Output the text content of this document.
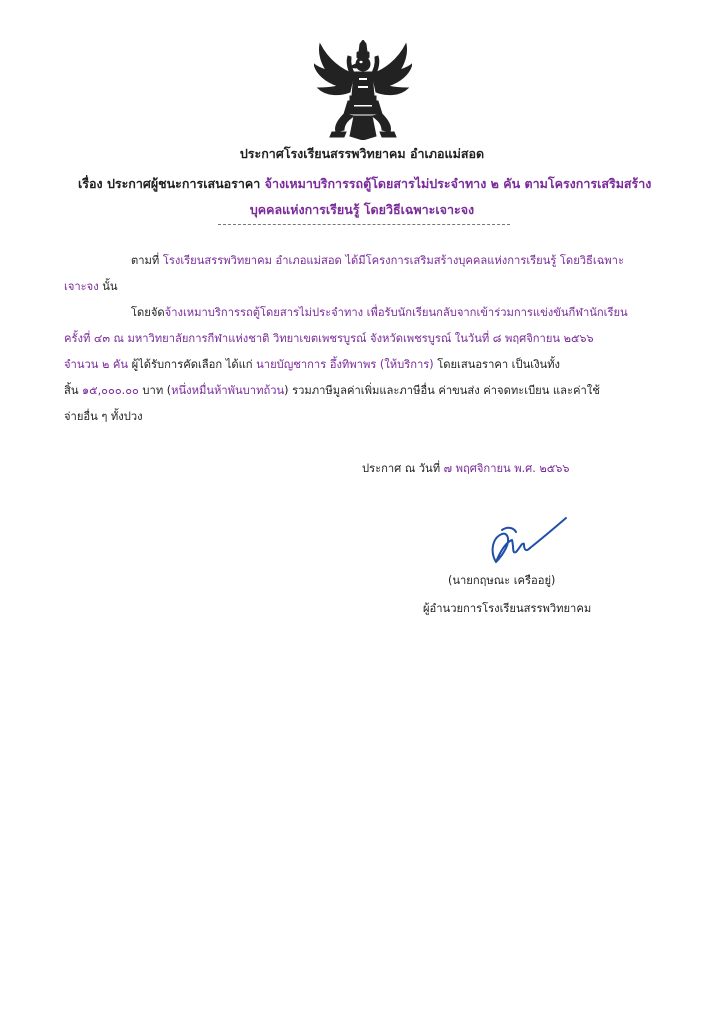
ประกาศโรงเรียนสรรพวิทยาคม อำเภอแม่สอด
เรื่อง ประกาศผู้ชนะการเสนอราคา จ้างเหมาบริการรถตู้โดยสารไม่ประจำทาง ๒ คัน ตามโครงการเสริมสร้าง
บุคคลแห่งการเรียนรู้ โดยวิธีเฉพาะเจาะจง
ตามที่ โรงเรียนสรรพวิทยาคม อำเภอแม่สอด ได้มีโครงการเสริมสร้างบุคคลแห่งการเรียนรู้ โดยวิธีเฉพาะ
เจาะจง นั้น
โดยจัดจ้างเหมาบริการรถตู้โดยสารไม่ประจำทาง เพื่อรับนักเรียนกลับจากเข้าร่วมการแข่งขันกีฬานักเรียน
ครั้งที่ ๔๓ ณ มหาวิทยาลัยการกีฬาแห่งชาติ วิทยาเขตเพชรบูรณ์ จังหวัดเพชรบูรณ์ ในวันที่ ๘ พฤศจิกายน ๒๕๖๖
จำนวน ๒ คัน ผู้ได้รับการคัดเลือก ได้แก่ นายบัญชาการ อึ้งทิพาพร (ให้บริการ) โดยเสนอราคา เป็นเงินทั้ง
สิ้น ๑๕,๐๐๐.๐๐ บาท (หนึ่งหมื่นห้าพันบาทถ้วน) รวมภาษีมูลค่าเพิ่มและภาษีอื่น ค่าขนส่ง ค่าจดทะเบียน และค่าใช้
จ่ายอื่น ๆ ทั้งปวง
ประกาศ ณ วันที่ ๗ พฤศจิกายน พ.ศ. ๒๕๖๖
(นายกฤษณะ เครืออยู่)
ผู้อำนวยการโรงเรียนสรรพวิทยาคม
